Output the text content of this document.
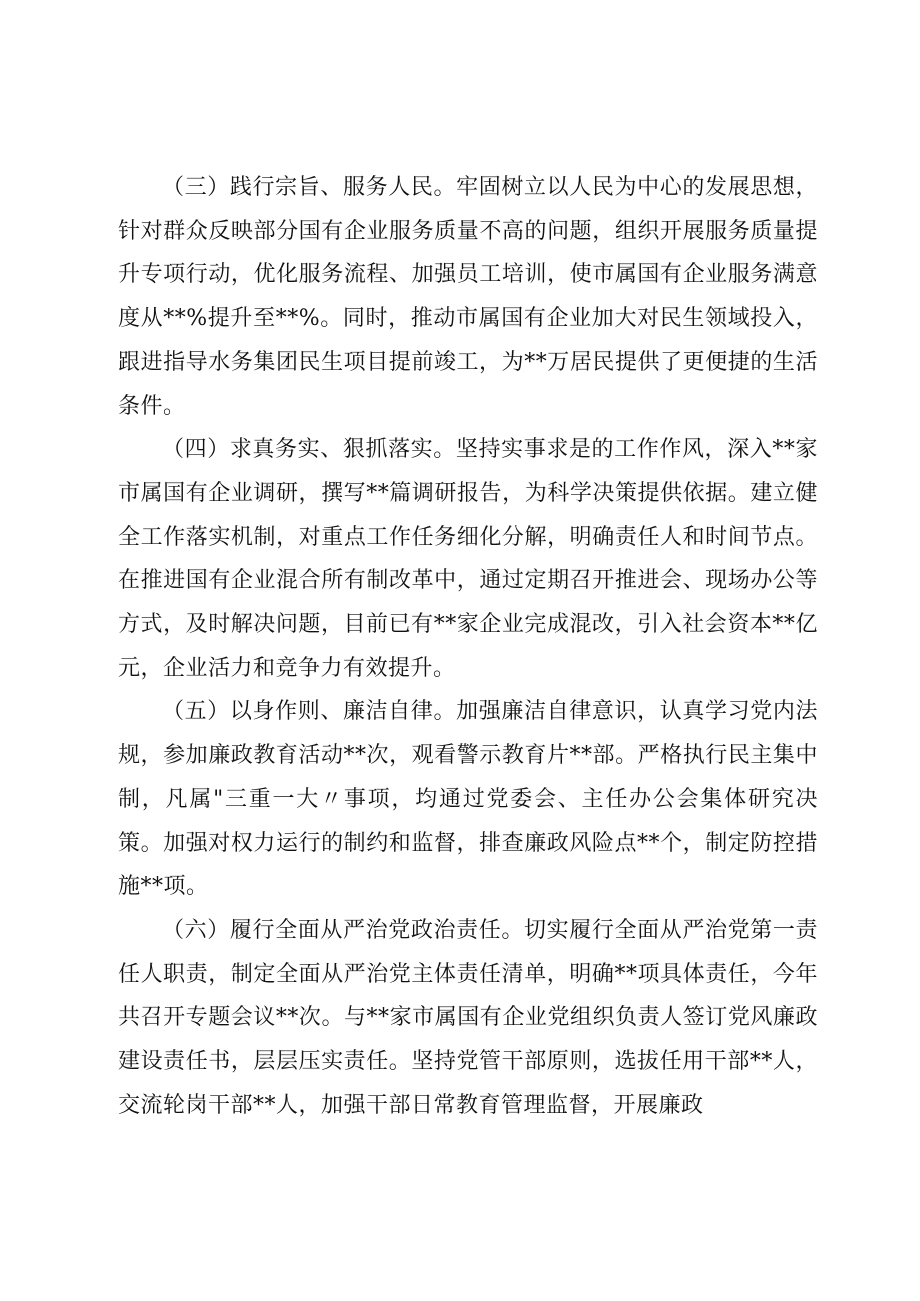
（三）践行宗旨、服务人民。牢固树立以人民为中心的发展思想，针对群众反映部分国有企业服务质量不高的问题，组织开展服务质量提升专项行动，优化服务流程、加强员工培训，使市属国有企业服务满意度从**%提升至**%。同时，推动市属国有企业加大对民生领域投入，跟进指导水务集团民生项目提前竣工，为**万居民提供了更便捷的生活条件。

（四）求真务实、狠抓落实。坚持实事求是的工作作风，深入**家市属国有企业调研，撰写**篇调研报告，为科学决策提供依据。建立健全工作落实机制，对重点工作任务细化分解，明确责任人和时间节点。在推进国有企业混合所有制改革中，通过定期召开推进会、现场办公等方式，及时解决问题，目前已有**家企业完成混改，引入社会资本**亿元，企业活力和竞争力有效提升。

（五）以身作则、廉洁自律。加强廉洁自律意识，认真学习党内法规，参加廉政教育活动**次，观看警示教育片**部。严格执行民主集中制，凡属"三重一大〃事项，均通过党委会、主任办公会集体研究决策。加强对权力运行的制约和监督，排查廉政风险点**个，制定防控措施**项。

（六）履行全面从严治党政治责任。切实履行全面从严治党第一责任人职责，制定全面从严治党主体责任清单，明确**项具体责任，今年共召开专题会议**次。与**家市属国有企业党组织负责人签订党风廉政建设责任书，层层压实责任。坚持党管干部原则，选拔任用干部**人，交流轮岗干部**人，加强干部日常教育管理监督，开展廉政
